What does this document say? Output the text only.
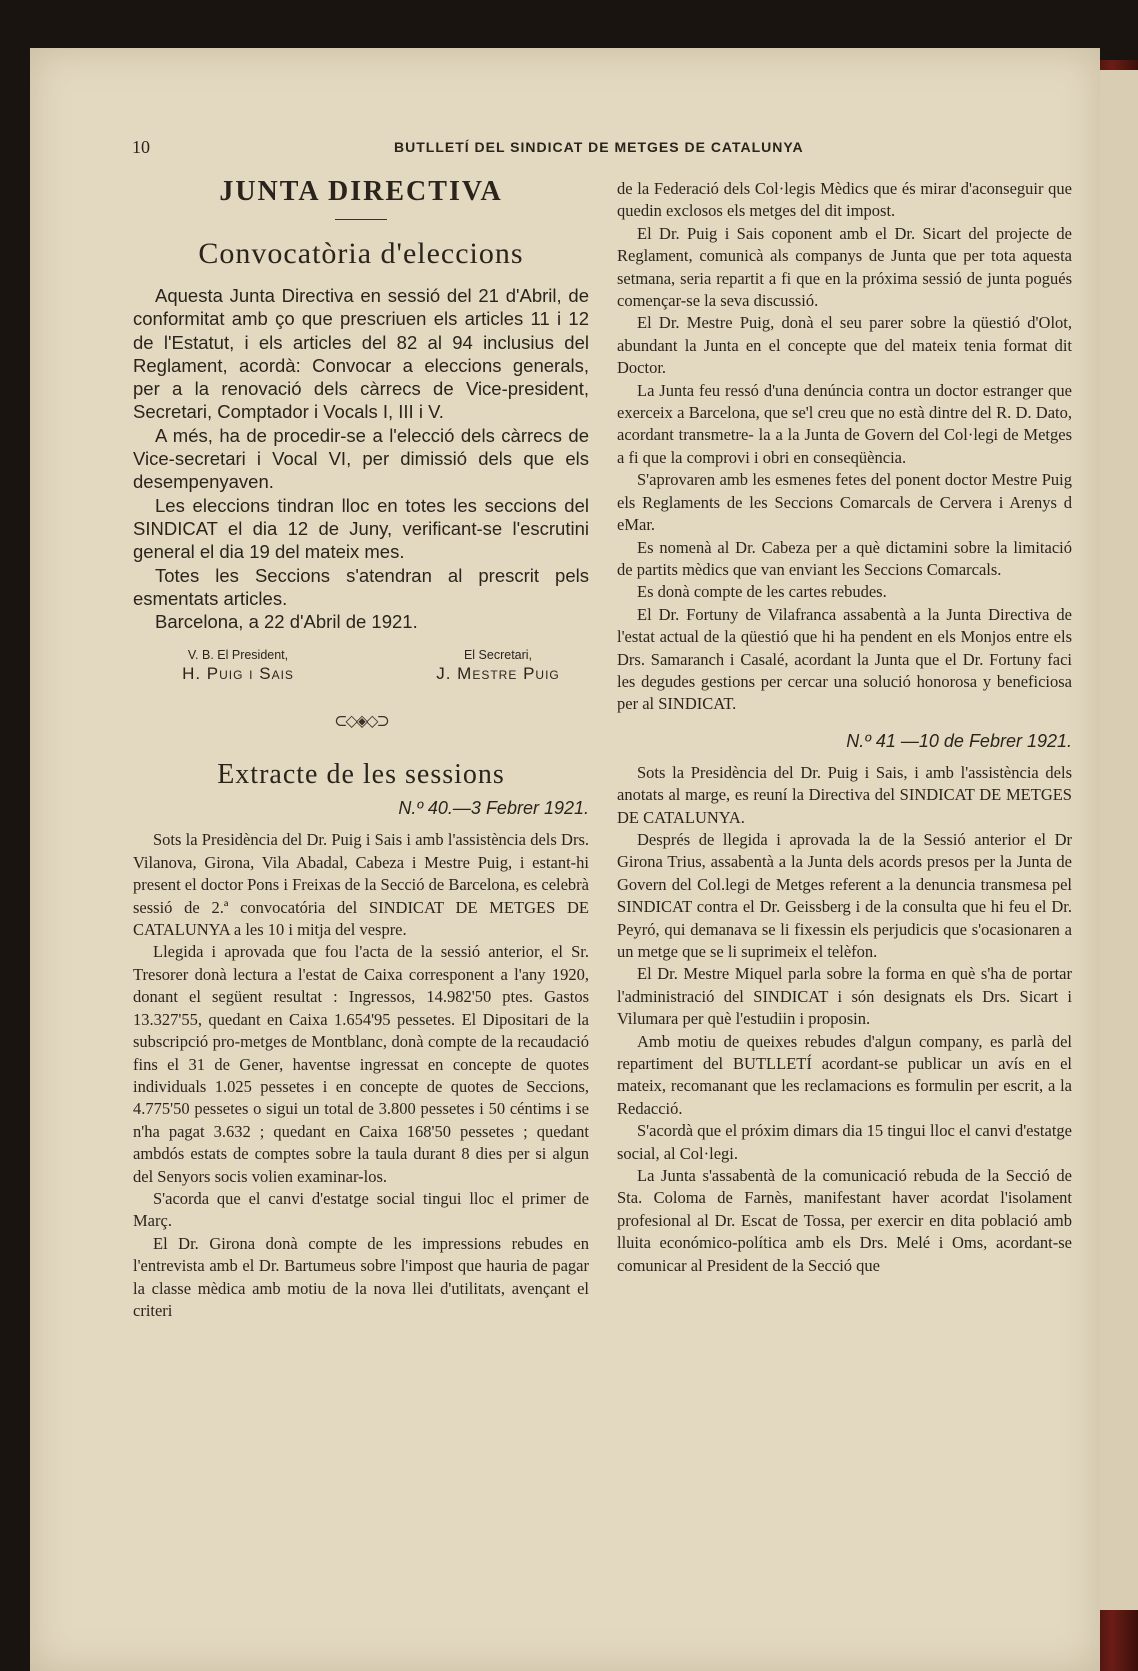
10	BUTLLETÍ DEL SINDICAT DE METGES DE CATALUNYA
JUNTA DIRECTIVA
Convocatòria d'eleccions

Aquesta Junta Directiva en sessió del 21 d'Abril, de conformitat amb ço que prescriuen els articles 11 i 12 de l'Estatut, i els articles del 82 al 94 inclusius del Reglament, acordà: Convocar a eleccions generals, per a la renovació dels càrrecs de Vice-president, Secretari, Comptador i Vocals I, III i V.

A més, ha de procedir-se a l'elecció dels càrrecs de Vice-secretari i Vocal VI, per dimissió dels que els desempenyaven.

Les eleccions tindran lloc en totes les seccions del SINDICAT el dia 12 de Juny, verificant-se l'escrutini general el dia 19 del mateix mes.

Totes les Seccions s'atendran al prescrit pels esmentats articles.

Barcelona, a 22 d'Abril de 1921.

V. B. El President,
H. Puig i Sais
El Secretari,
J. Mestre Puig
⊂◇◈◇⊃
Extracte de les sessions
N.º 40.—3 Febrer 1921.

Sots la Presidència del Dr. Puig i Sais i amb l'assistència dels Drs. Vilanova, Girona, Vila Abadal, Cabeza i Mestre Puig, i estant-hi present el doctor Pons i Freixas de la Secció de Barcelona, es celebrà sessió de 2.ª convocatória del SINDICAT DE METGES DE CATALUNYA a les 10 i mitja del vespre.

Llegida i aprovada que fou l'acta de la sessió anterior, el Sr. Tresorer donà lectura a l'estat de Caixa corresponent a l'any 1920, donant el següent resultat : Ingressos, 14.982'50 ptes. Gastos 13.327'55, quedant en Caixa 1.654'95 pessetes. El Dipositari de la subscripció pro-metges de Montblanc, donà compte de la recaudació fins el 31 de Gener, haventse ingressat en concepte de quotes individuals 1.025 pessetes i en concepte de quotes de Seccions, 4.775'50 pessetes o sigui un total de 3.800 pessetes i 50 céntims i se n'ha pagat 3.632 ; quedant en Caixa 168'50 pessetes ; quedant ambdós estats de comptes sobre la taula durant 8 dies per si algun del Senyors socis volien examinar-los.

S'acorda que el canvi d'estatge social tingui lloc el primer de Març.

El Dr. Girona donà compte de les impressions rebudes en l'entrevista amb el Dr. Bartumeus sobre l'impost que hauria de pagar la classe mèdica amb motiu de la nova llei d'utilitats, avençant el criteri

de la Federació dels Col·legis Mèdics que és mirar d'aconseguir que quedin exclosos els metges del dit impost.

El Dr. Puig i Sais coponent amb el Dr. Sicart del projecte de Reglament, comunicà als companys de Junta que per tota aquesta setmana, seria repartit a fi que en la próxima sessió de junta pogués començar-se la seva discussió.

El Dr. Mestre Puig, donà el seu parer sobre la qüestió d'Olot, abundant la Junta en el concepte que del mateix tenia format dit Doctor.

La Junta feu ressó d'una denúncia contra un doctor estranger que exerceix a Barcelona, que se'l creu que no està dintre del R. D. Dato, acordant transmetre- la a la Junta de Govern del Col·legi de Metges a fi que la comprovi i obri en conseqüència.

S'aprovaren amb les esmenes fetes del ponent doctor Mestre Puig els Reglaments de les Seccions Comarcals de Cervera i Arenys d eMar.

Es nomenà al Dr. Cabeza per a què dictamini sobre la limitació de partits mèdics que van enviant les Seccions Comarcals.

Es donà compte de les cartes rebudes.

El Dr. Fortuny de Vilafranca assabentà a la Junta Directiva de l'estat actual de la qüestió que hi ha pendent en els Monjos entre els Drs. Samaranch i Casalé, acordant la Junta que el Dr. Fortuny faci les degudes gestions per cercar una solució honorosa y beneficiosa per al SINDICAT.

N.º 41 —10 de Febrer 1921.

Sots la Presidència del Dr. Puig i Sais, i amb l'assistència dels anotats al marge, es reuní la Directiva del SINDICAT DE METGES DE CATALUNYA.

Després de llegida i aprovada la de la Sessió anterior el Dr Girona Trius, assabentà a la Junta dels acords presos per la Junta de Govern del Col.legi de Metges referent a la denuncia transmesa pel SINDICAT contra el Dr. Geissberg i de la consulta que hi feu el Dr. Peyró, qui demanava se li fixessin els perjudicis que s'ocasionaren a un metge que se li suprimeix el telèfon.

El Dr. Mestre Miquel parla sobre la forma en què s'ha de portar l'administració del SINDICAT i són designats els Drs. Sicart i Vilumara per què l'estudiin i proposin.

Amb motiu de queixes rebudes d'algun company, es parlà del repartiment del BUTLLETÍ acordant-se publicar un avís en el mateix, recomanant que les reclamacions es formulin per escrit, a la Redacció.

S'acordà que el próxim dimars dia 15 tingui lloc el canvi d'estatge social, al Col·legi.

La Junta s'assabentà de la comunicació rebuda de la Secció de Sta. Coloma de Farnès, manifestant haver acordat l'isolament profesional al Dr. Escat de Tossa, per exercir en dita població amb lluita económico-política amb els Drs. Melé i Oms, acordant-se comunicar al President de la Secció que
